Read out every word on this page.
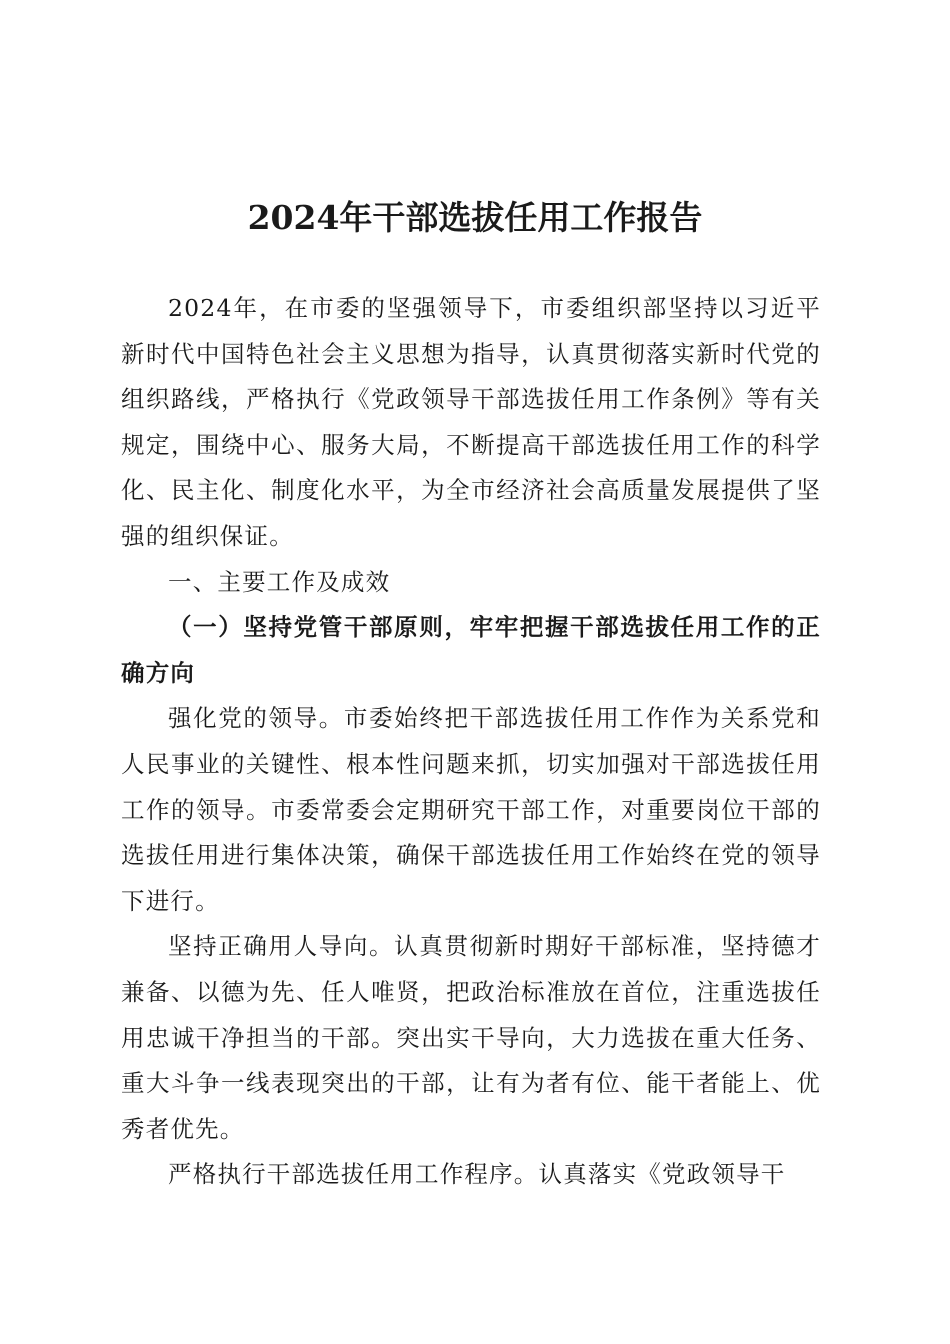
2024年干部选拔任用工作报告

2024年，在市委的坚强领导下，市委组织部坚持以习近平新时代中国特色社会主义思想为指导，认真贯彻落实新时代党的组织路线，严格执行《党政领导干部选拔任用工作条例》等有关规定，围绕中心、服务大局，不断提高干部选拔任用工作的科学化、民主化、制度化水平，为全市经济社会高质量发展提供了坚强的组织保证。

一、主要工作及成效

（一）坚持党管干部原则，牢牢把握干部选拔任用工作的正确方向

强化党的领导。市委始终把干部选拔任用工作作为关系党和人民事业的关键性、根本性问题来抓，切实加强对干部选拔任用工作的领导。市委常委会定期研究干部工作，对重要岗位干部的选拔任用进行集体决策，确保干部选拔任用工作始终在党的领导下进行。

坚持正确用人导向。认真贯彻新时期好干部标准，坚持德才兼备、以德为先、任人唯贤，把政治标准放在首位，注重选拔任用忠诚干净担当的干部。突出实干导向，大力选拔在重大任务、重大斗争一线表现突出的干部，让有为者有位、能干者能上、优秀者优先。

严格执行干部选拔任用工作程序。认真落实《党政领导干
